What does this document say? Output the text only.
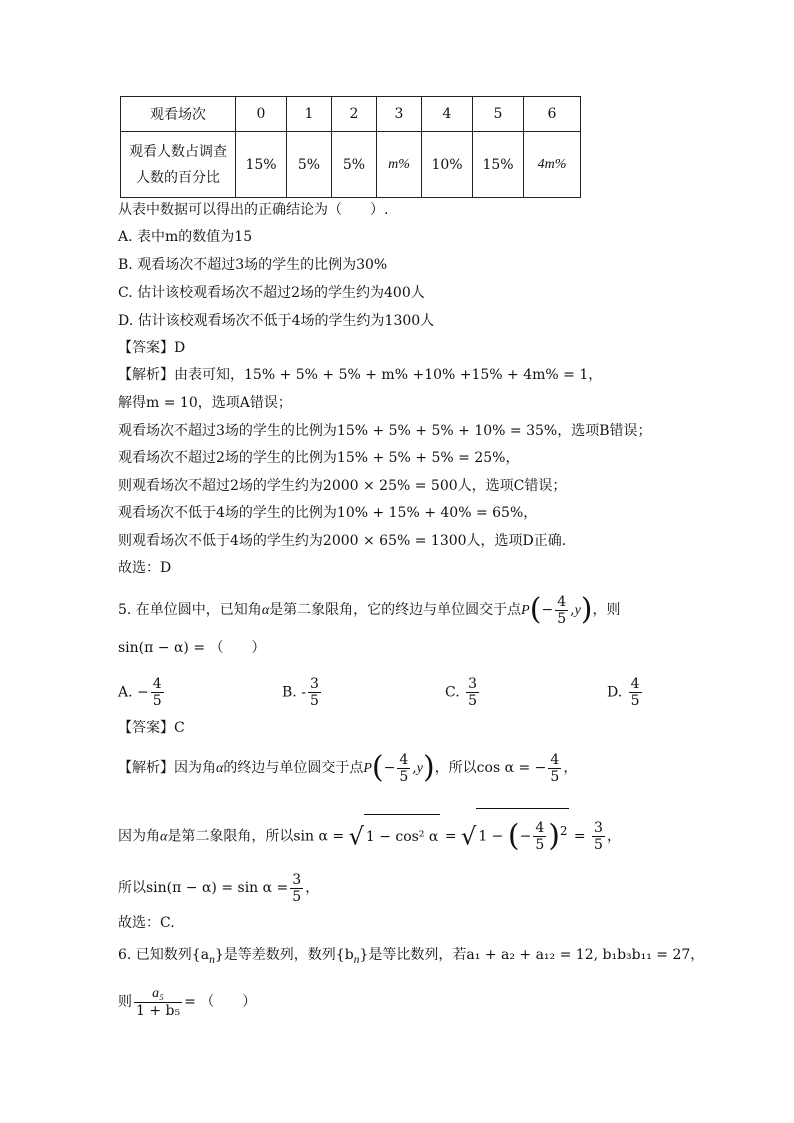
观看场次	0	1	2	3	4	5	6
观看人数占调查
人数的百分比	15%	5%	5%	m%	10%	15%	4m%
从表中数据可以得出的正确结论为（　　）.
A. 表中m的数值为15
B. 观看场次不超过3场的学生的比例为30%
C. 估计该校观看场次不超过2场的学生约为400人
D. 估计该校观看场次不低于4场的学生约为1300人
【答案】D
【解析】由表可知，15% + 5% + 5% + m% +10% +15% + 4m% = 1，
解得m = 10，选项A错误；
观看场次不超过3场的学生的比例为15% + 5% + 5% + 10% = 35%，选项B错误；
观看场次不超过2场的学生的比例为15% + 5% + 5% = 25%，
则观看场次不超过2场的学生约为2000 × 25% = 500人，选项C错误；
观看场次不低于4场的学生的比例为10% + 15% + 40% = 65%，
则观看场次不低于4场的学生约为2000 × 65% = 1300人，选项D正确.
故选：D
5. 在单位圆中，已知角α是第二象限角，它的终边与单位圆交于点$P(- \frac{4}{5} ,y)$，则
sin(π − α) = （　　）
A. − $\frac{4}{5}$	B. - $\frac{3}{5}$	C. $\frac{3}{5}$	D. $\frac{4}{5}$
【答案】C
【解析】因为角α的终边与单位圆交于点$P(- \frac{4}{5} ,y)$，所以cos α = − $\frac{4}{5}$ ，
因为角α是第二象限角，所以sin α = √ 1 − cos² α = √ 1 − (− $\frac{4}{5} )^2 = \frac{3}{5}$ ，
所以$\sin(\pi - \alpha) = \sin \alpha = \frac{3}{5}$ ，
故选：C.
6. 已知数列$\{a_n\}$是等差数列，数列$\{b_n\}$是等比数列，若a₁ + a₂ + a₁₂ = 12, b₁b₃b₁₁ = 27，
则 $\frac{\text{a₅}}{\text{1 + b₅}}$ = （　　）
